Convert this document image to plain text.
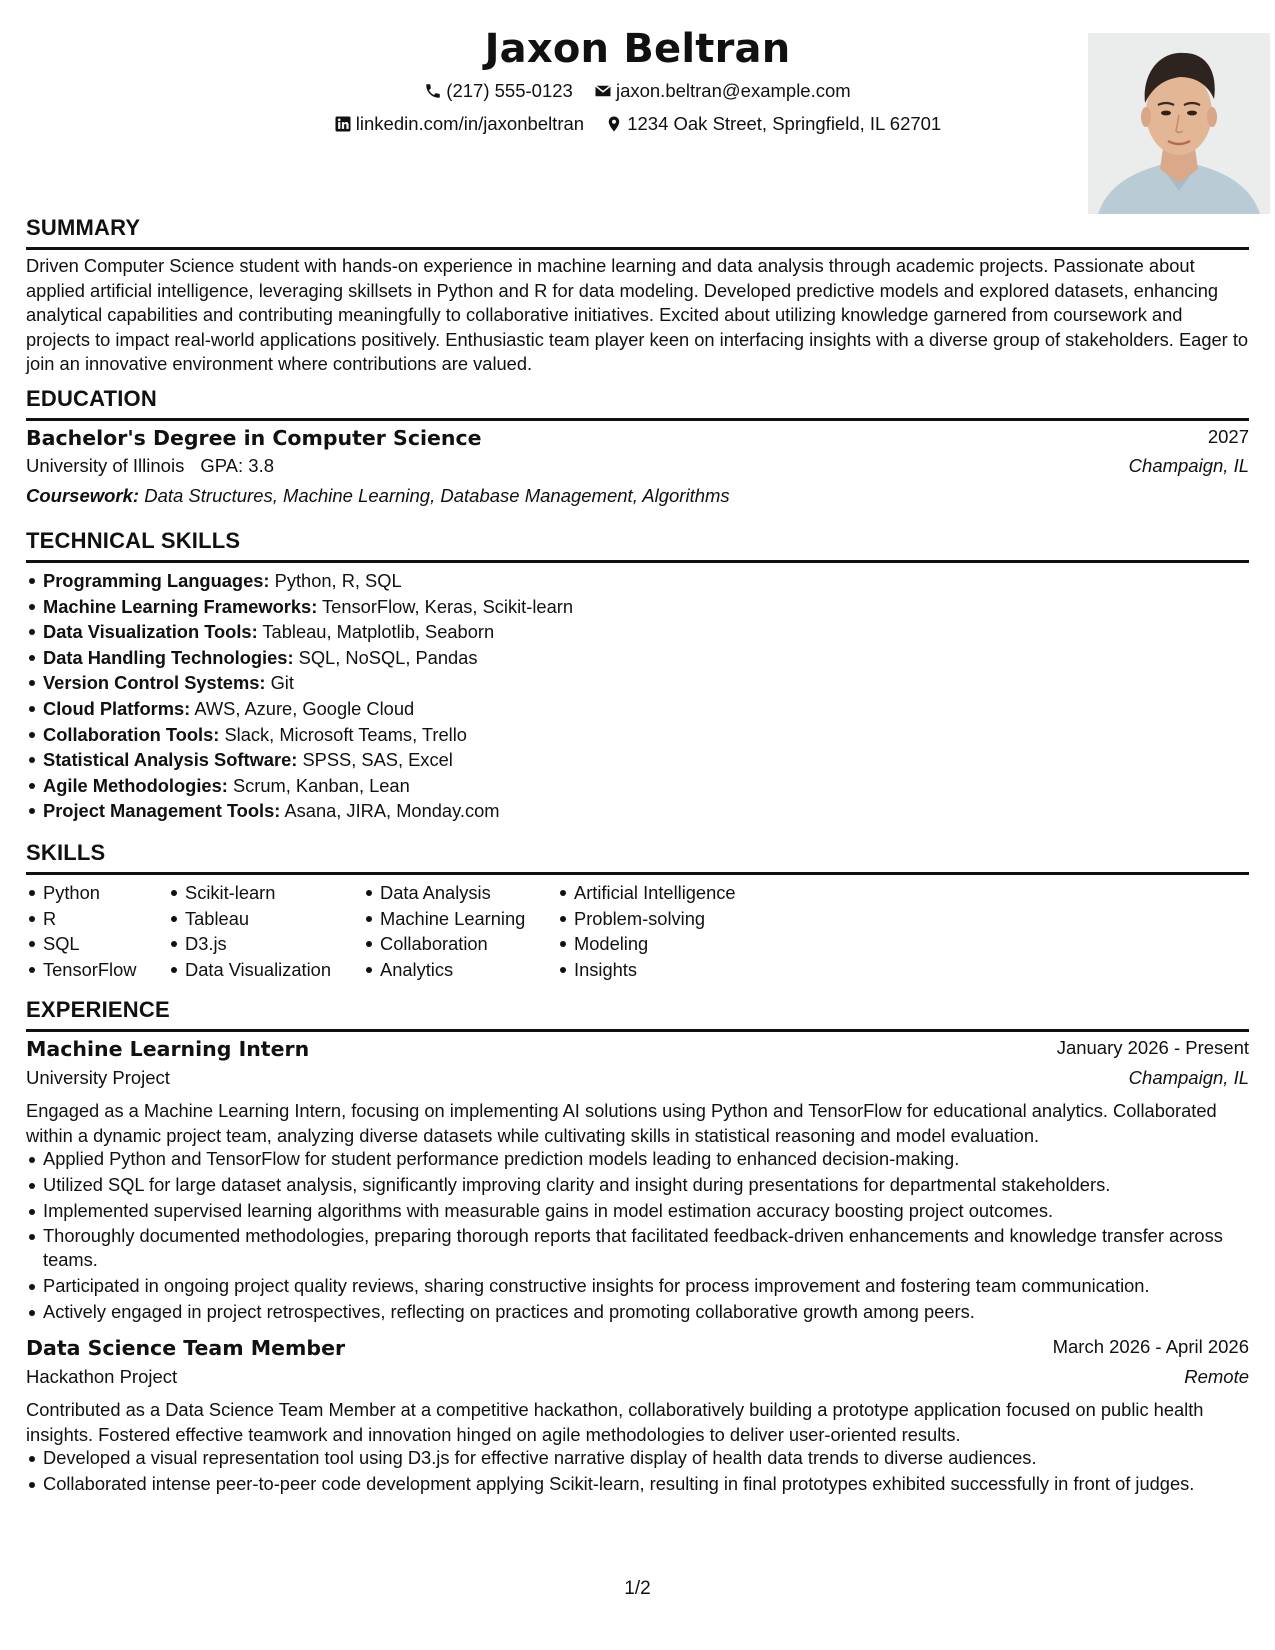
Jaxon Beltran
(217) 555-0123
jaxon.beltran@example.com
linkedin.com/in/jaxonbeltran
1234 Oak Street, Springfield, IL 62701
SUMMARY
Driven Computer Science student with hands-on experience in machine learning and data analysis through academic projects. Passionate about applied artificial intelligence, leveraging skillsets in Python and R for data modeling. Developed predictive models and explored datasets, enhancing analytical capabilities and contributing meaningfully to collaborative initiatives. Excited about utilizing knowledge garnered from coursework and projects to impact real-world applications positively. Enthusiastic team player keen on interfacing insights with a diverse group of stakeholders. Eager to join an innovative environment where contributions are valued.
EDUCATION
Bachelor's Degree in Computer Science	2027
University of Illinois GPA: 3.8	Champaign, IL
Coursework: Data Structures, Machine Learning, Database Management, Algorithms
TECHNICAL SKILLS
Programming Languages: Python, R, SQL
Machine Learning Frameworks: TensorFlow, Keras, Scikit-learn
Data Visualization Tools: Tableau, Matplotlib, Seaborn
Data Handling Technologies: SQL, NoSQL, Pandas
Version Control Systems: Git
Cloud Platforms: AWS, Azure, Google Cloud
Collaboration Tools: Slack, Microsoft Teams, Trello
Statistical Analysis Software: SPSS, SAS, Excel
Agile Methodologies: Scrum, Kanban, Lean
Project Management Tools: Asana, JIRA, Monday.com
SKILLS
Python
R
SQL
TensorFlow
Scikit-learn
Tableau
D3.js
Data Visualization
Data Analysis
Machine Learning
Collaboration
Analytics
Artificial Intelligence
Problem-solving
Modeling
Insights
EXPERIENCE
Machine Learning Intern	January 2026 - Present
University Project	Champaign, IL
Engaged as a Machine Learning Intern, focusing on implementing AI solutions using Python and TensorFlow for educational analytics. Collaborated within a dynamic project team, analyzing diverse datasets while cultivating skills in statistical reasoning and model evaluation.
Applied Python and TensorFlow for student performance prediction models leading to enhanced decision-making.
Utilized SQL for large dataset analysis, significantly improving clarity and insight during presentations for departmental stakeholders.
Implemented supervised learning algorithms with measurable gains in model estimation accuracy boosting project outcomes.
Thoroughly documented methodologies, preparing thorough reports that facilitated feedback-driven enhancements and knowledge transfer across teams.
Participated in ongoing project quality reviews, sharing constructive insights for process improvement and fostering team communication.
Actively engaged in project retrospectives, reflecting on practices and promoting collaborative growth among peers.
Data Science Team Member	March 2026 - April 2026
Hackathon Project	Remote
Contributed as a Data Science Team Member at a competitive hackathon, collaboratively building a prototype application focused on public health insights. Fostered effective teamwork and innovation hinged on agile methodologies to deliver user-oriented results.
Developed a visual representation tool using D3.js for effective narrative display of health data trends to diverse audiences.
Collaborated intense peer-to-peer code development applying Scikit-learn, resulting in final prototypes exhibited successfully in front of judges.
1/2
